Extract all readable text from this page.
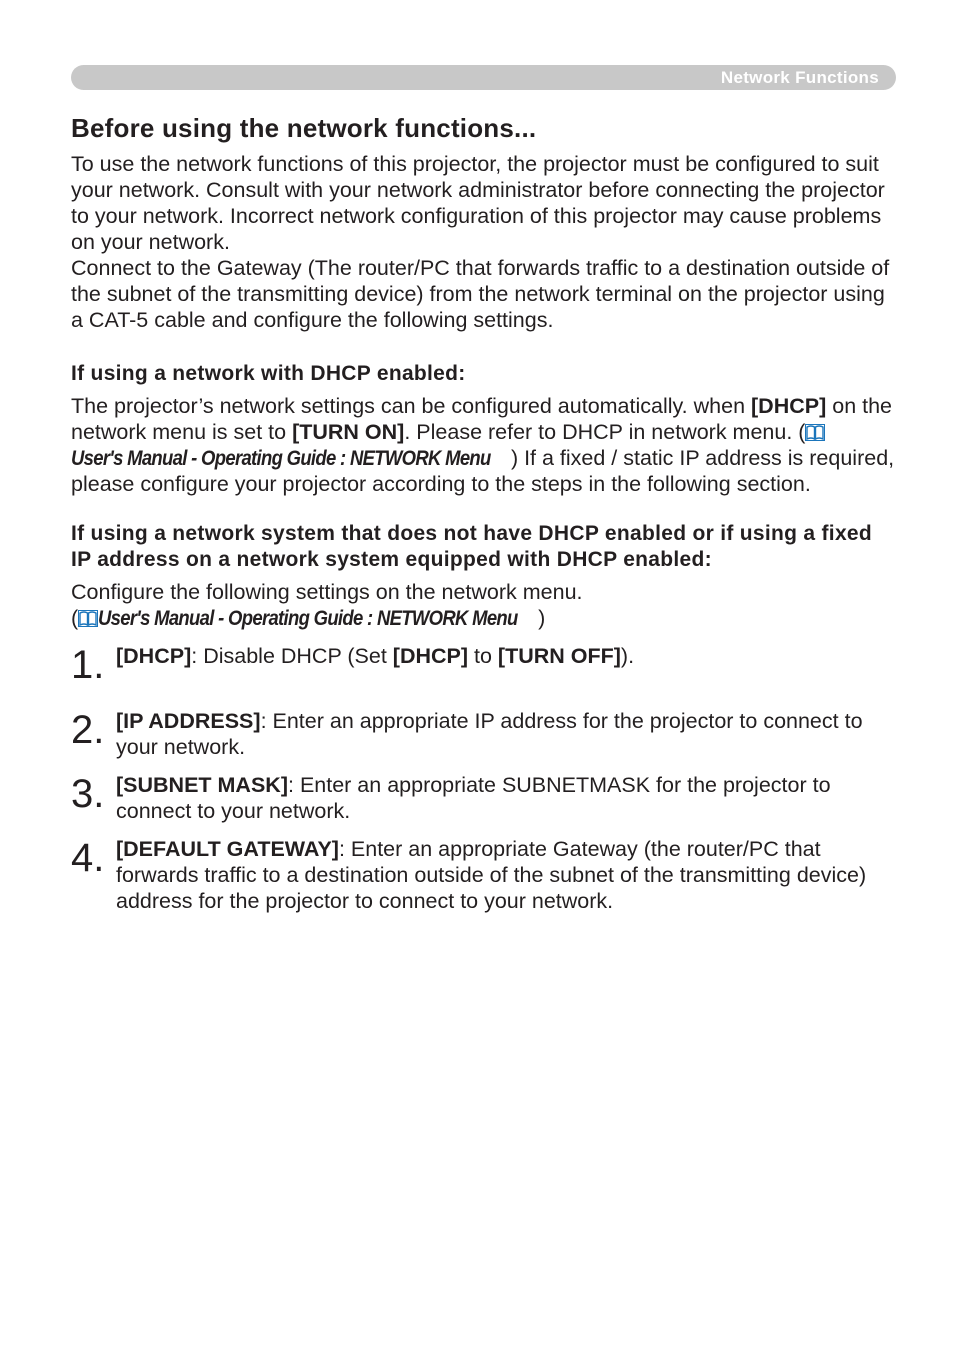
Network Functions
Before using the network functions...

To use the network functions of this projector, the projector must be configured to suit your network. Consult with your network administrator before connecting the projector to your network. Incorrect network configuration of this projector may cause problems on your network.

Connect to the Gateway (The router/PC that forwards traffic to a destination outside of the subnet of the transmitting device) from the network terminal on the projector using a CAT-5 cable and configure the following settings.

If using a network with DHCP enabled:

The projector’s network settings can be configured automatically. when [DHCP] on the network menu is set to [TURN ON]. Please refer to DHCP in network menu. (User's Manual - Operating Guide : NETWORK Menu ) If a fixed / static IP address is required, please configure your projector according to the steps in the following section.

If using a network system that does not have DHCP enabled or if using a fixed IP address on a network system equipped with DHCP enabled:

Configure the following settings on the network menu.

( User's Manual - Operating Guide : NETWORK Menu )

1. [DHCP]: Disable DHCP (Set [DHCP] to [TURN OFF]).
2. [IP ADDRESS]: Enter an appropriate IP address for the projector to connect to your network.
3. [SUBNET MASK]: Enter an appropriate SUBNETMASK for the projector to connect to your network.
4. [DEFAULT GATEWAY]: Enter an appropriate Gateway (the router/PC that forwards traffic to a destination outside of the subnet of the transmitting device) address for the projector to connect to your network.
